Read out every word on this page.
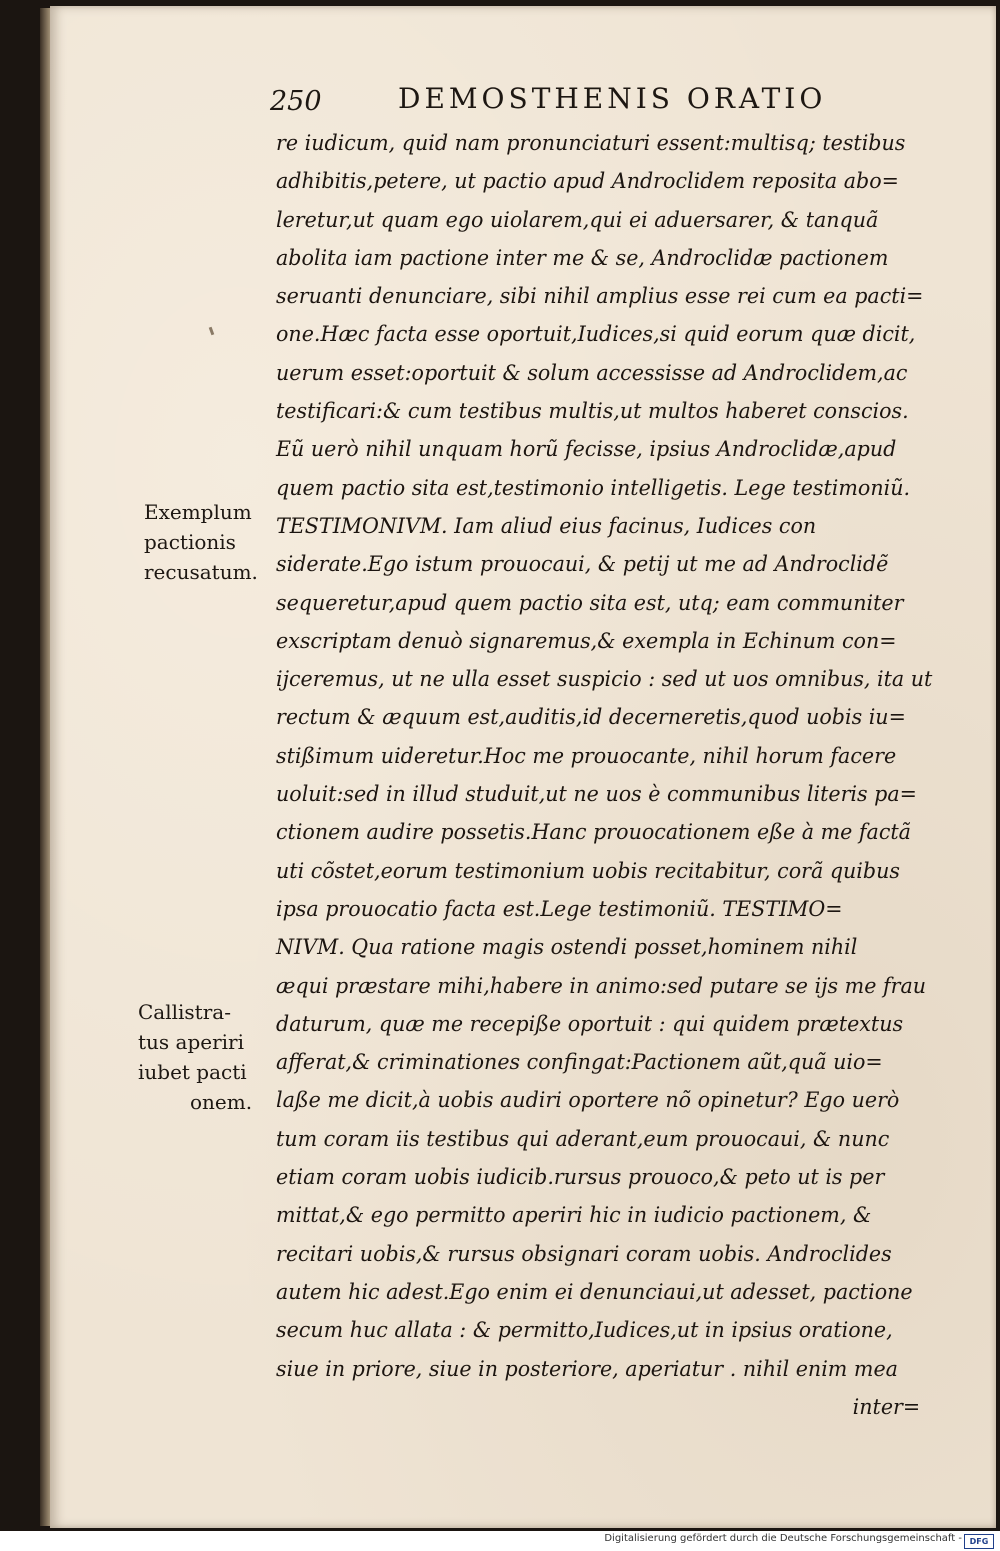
250	DEMOSTHENIS ORATIO
re iudicum, quid nam pronunciaturi essent:multisq; testibus
adhibitis,petere, ut pactio apud Androclidem reposita abo=
leretur,ut quam ego uiolarem,qui ei aduersarer, & tanquã
abolita iam pactione inter me & se, Androclidæ pactionem
seruanti denunciare, sibi nihil amplius esse rei cum ea pacti=
one.Hæc facta esse oportuit,Iudices,si quid eorum quæ dicit,
uerum esset:oportuit & solum accessisse ad Androclidem,ac
testificari:& cum testibus multis,ut multos haberet conscios.
Eũ uerò nihil unquam horũ fecisse, ipsius Androclidæ,apud
quem pactio sita est,testimonio intelligetis. Lege testimoniũ.
TESTIMONIVM. Iam aliud eius facinus, Iudices con
siderate.Ego istum prouocaui, & petij ut me ad Androclidẽ
sequeretur,apud quem pactio sita est, utq; eam communiter
exscriptam denuò signaremus,& exempla in Echinum con=
ijceremus, ut ne ulla esset suspicio : sed ut uos omnibus, ita ut
rectum & æquum est,auditis,id decerneretis,quod uobis iu=
stißimum uideretur.Hoc me prouocante, nihil horum facere
uoluit:sed in illud studuit,ut ne uos è communibus literis pa=
ctionem audire possetis.Hanc prouocationem eße à me factã
uti cõstet,eorum testimonium uobis recitabitur, corã quibus
ipsa prouocatio facta est.Lege testimoniũ. TESTIMO=
NIVM. Qua ratione magis ostendi posset,hominem nihil
æqui præstare mihi,habere in animo:sed putare se ijs me frau
daturum, quæ me recepiße oportuit : qui quidem prætextus
afferat,& criminationes confingat:Pactionem aũt,quã uio=
laße me dicit,à uobis audiri oportere nõ opinetur? Ego uerò
tum coram iis testibus qui aderant,eum prouocaui, & nunc
etiam coram uobis iudicib.rursus prouoco,& peto ut is per
mittat,& ego permitto aperiri hic in iudicio pactionem, &
recitari uobis,& rursus obsignari coram uobis. Androclides
autem hic adest.Ego enim ei denunciaui,ut adesset, pactione
secum huc allata : & permitto,Iudices,ut in ipsius oratione,
siue in priore, siue in posteriore, aperiatur . nihil enim mea
inter=
Exemplum
pactionis
recusatum.
Callistra-
tus aperiri
iubet pacti
onem.
Digitalisierung gefördert durch die Deutsche Forschungsgemeinschaft - DFG
